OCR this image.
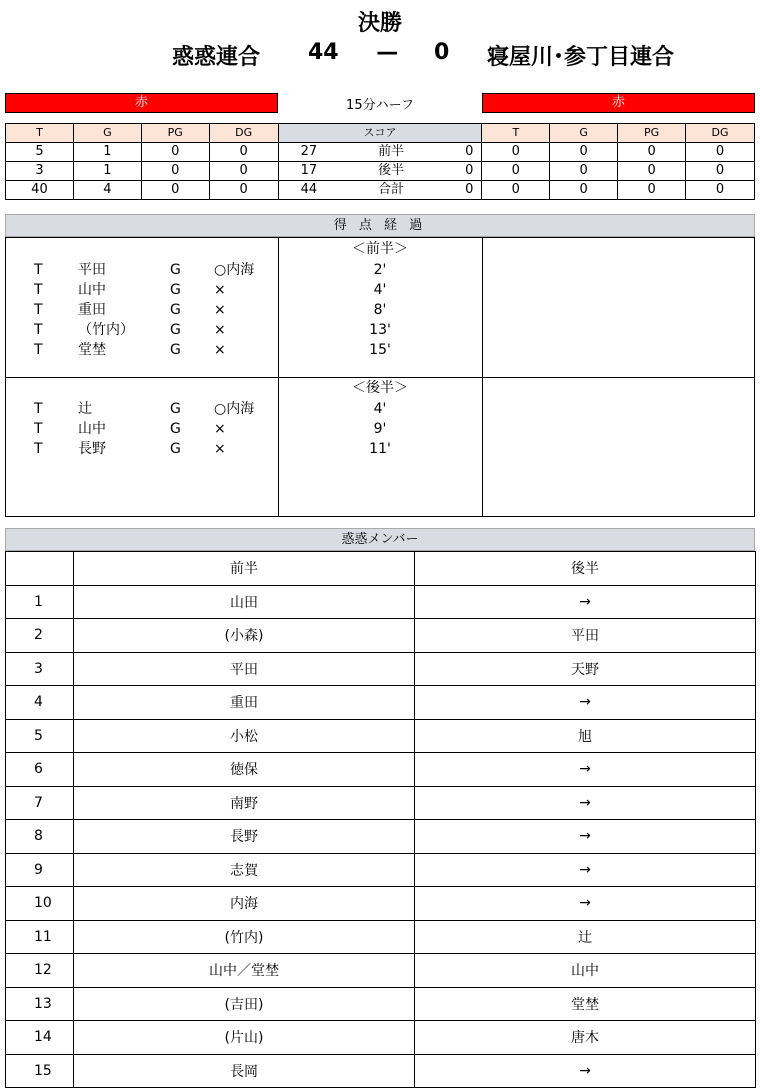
決勝
惑惑連合 44 — 0 寝屋川･参丁目連合
赤	15分ハーフ	赤
T	G	PG	DG	スコア	T	G	PG	DG
5	1	0	0	27 前半 0	0	0	0	0
3	1	0	0	17 後半 0	0	0	0	0
40	4	0	0	44 合計 0	0	0	0	0
得 点 経 過
＜前半＞
＜後半＞
T	平田	G ○内海	2'
T	山中	G ×	4'
T	重田	G ×	8'
T	（竹内）	G ×	13'
T	堂埜	G ×	15'
T	辻	G ○内海	4'
T	山中	G ×	9'
T	長野	G ×	11'
惑惑メンバー
	前半	後半
1	山田	→
2	(小森)	平田
3	平田	天野
4	重田	→
5	小松	旭
6	徳保	→
7	南野	→
8	長野	→
9	志賀	→
10	内海	→
11	(竹内)	辻
12	山中／堂埜	山中
13	(吉田)	堂埜
14	(片山)	唐木
15	長岡	→
